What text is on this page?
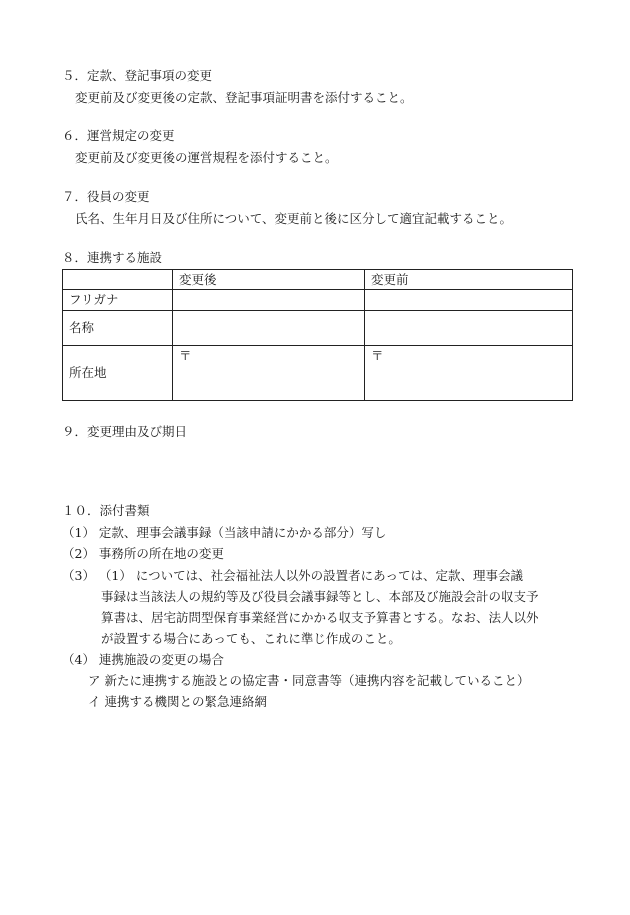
５．定款、登記事項の変更
変更前及び変更後の定款、登記事項証明書を添付すること。
６．運営規定の変更
変更前及び変更後の運営規程を添付すること。
７．役員の変更
氏名、生年月日及び住所について、変更前と後に区分して適宜記載すること。
８．連携する施設
	変更後	変更前
フリガナ		
名称		
所在地	〒	〒
９．変更理由及び期日
１０．添付書類
（1） 定款、理事会議事録（当該申請にかかる部分）写し
（2） 事務所の所在地の変更
（3） （1） については、社会福祉法人以外の設置者にあっては、定款、理事会議
事録は当該法人の規約等及び役員会議事録等とし、本部及び施設会計の収支予
算書は、居宅訪問型保育事業経営にかかる収支予算書とする。なお、法人以外
が設置する場合にあっても、これに準じ作成のこと。
（4） 連携施設の変更の場合
ア 新たに連携する施設との協定書・同意書等（連携内容を記載していること）
イ 連携する機関との緊急連絡網
